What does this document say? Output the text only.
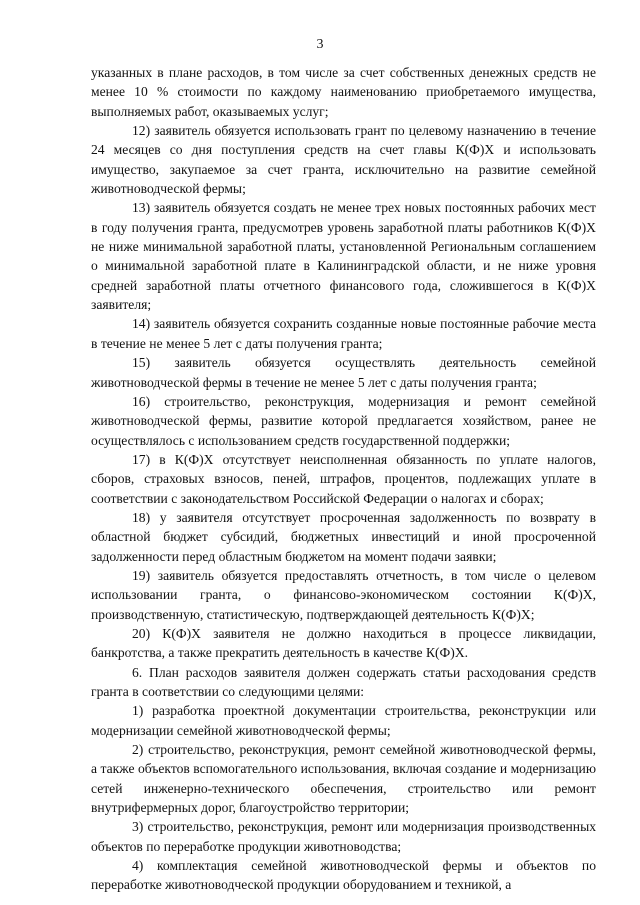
3

указанных в плане расходов, в том числе за счет собственных денежных средств не менее 10 % стоимости по каждому наименованию приобретаемого имущества, выполняемых работ, оказываемых услуг;

12) заявитель обязуется использовать грант по целевому назначению в течение 24 месяцев со дня поступления средств на счет главы К(Ф)Х и использовать имущество, закупаемое за счет гранта, исключительно на развитие семейной животноводческой фермы;

13) заявитель обязуется создать не менее трех новых постоянных рабочих мест в году получения гранта, предусмотрев уровень заработной платы работников К(Ф)Х не ниже минимальной заработной платы, установленной Региональным соглашением о минимальной заработной плате в Калининградской области, и не ниже уровня средней заработной платы отчетного финансового года, сложившегося в К(Ф)Х заявителя;

14) заявитель обязуется сохранить созданные новые постоянные рабочие места в течение не менее 5 лет с даты получения гранта;

15) заявитель обязуется осуществлять деятельность семейной животноводческой фермы в течение не менее 5 лет с даты получения гранта;

16) строительство, реконструкция, модернизация и ремонт семейной животноводческой фермы, развитие которой предлагается хозяйством, ранее не осуществлялось с использованием средств государственной поддержки;

17) в К(Ф)Х отсутствует неисполненная обязанность по уплате налогов, сборов, страховых взносов, пеней, штрафов, процентов, подлежащих уплате в соответствии с законодательством Российской Федерации о налогах и сборах;

18) у заявителя отсутствует просроченная задолженность по возврату в областной бюджет субсидий, бюджетных инвестиций и иной просроченной задолженности перед областным бюджетом на момент подачи заявки;

19) заявитель обязуется предоставлять отчетность, в том числе о целевом использовании гранта, о финансово-экономическом состоянии К(Ф)Х, производственную, статистическую, подтверждающей деятельность К(Ф)Х;

20) К(Ф)Х заявителя не должно находиться в процессе ликвидации, банкротства, а также прекратить деятельность в качестве К(Ф)Х.

6. План расходов заявителя должен содержать статьи расходования средств гранта в соответствии со следующими целями:

1) разработка проектной документации строительства, реконструкции или модернизации семейной животноводческой фермы;

2) строительство, реконструкция, ремонт семейной животноводческой фермы, а также объектов вспомогательного использования, включая создание и модернизацию сетей инженерно-технического обеспечения, строительство или ремонт внутрифермерных дорог, благоустройство территории;

3) строительство, реконструкция, ремонт или модернизация производственных объектов по переработке продукции животноводства;

4) комплектация семейной животноводческой фермы и объектов по переработке животноводческой продукции оборудованием и техникой, а
